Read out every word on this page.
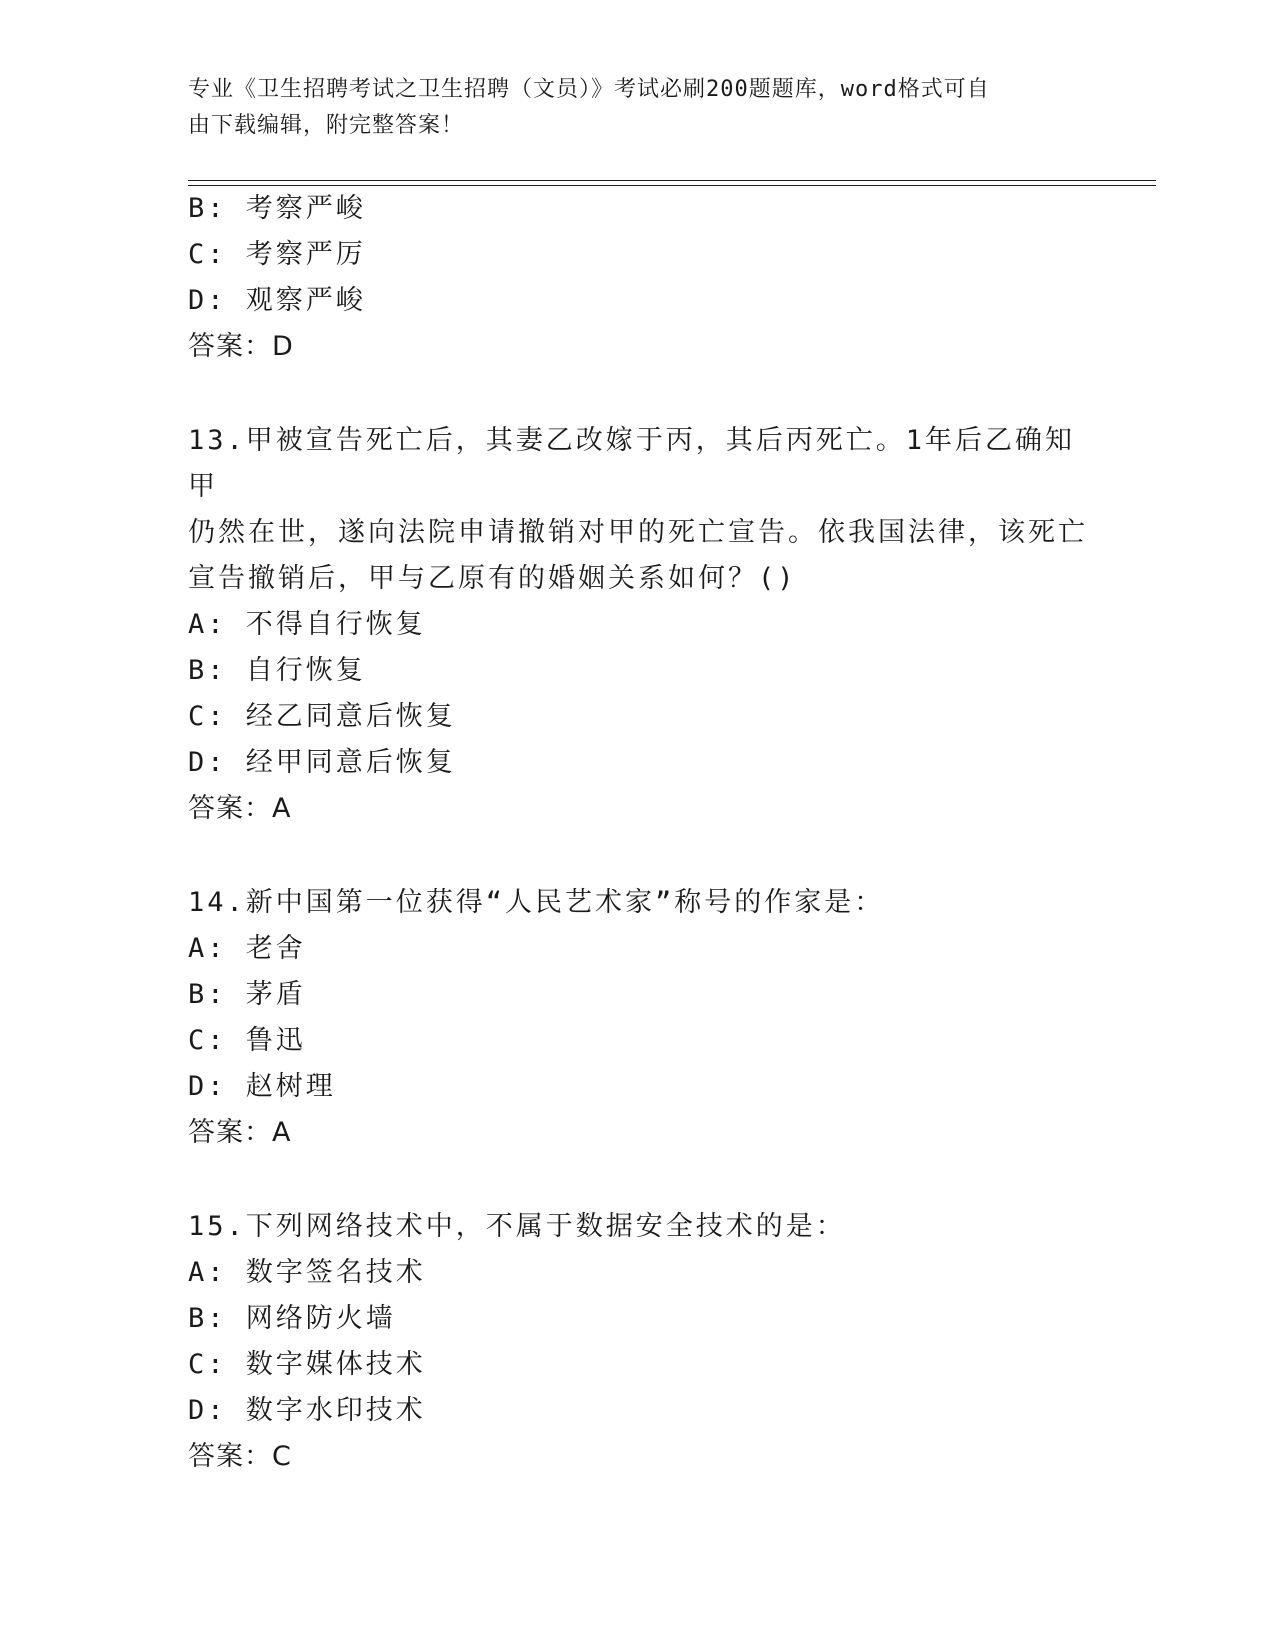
专业《卫生招聘考试之卫生招聘（文员）》考试必刷200题题库，word格式可自
由下载编辑，附完整答案！
B: 考察严峻
C: 考察严厉
D: 观察严峻
答案：D
13.甲被宣告死亡后，其妻乙改嫁于丙，其后丙死亡。1年后乙确知甲
仍然在世，遂向法院申请撤销对甲的死亡宣告。依我国法律，该死亡
宣告撤销后，甲与乙原有的婚姻关系如何？()
A: 不得自行恢复
B: 自行恢复
C: 经乙同意后恢复
D: 经甲同意后恢复
答案：A
14.新中国第一位获得“人民艺术家”称号的作家是：
A: 老舍
B: 茅盾
C: 鲁迅
D: 赵树理
答案：A
15.下列网络技术中，不属于数据安全技术的是：
A: 数字签名技术
B: 网络防火墙
C: 数字媒体技术
D: 数字水印技术
答案：C
